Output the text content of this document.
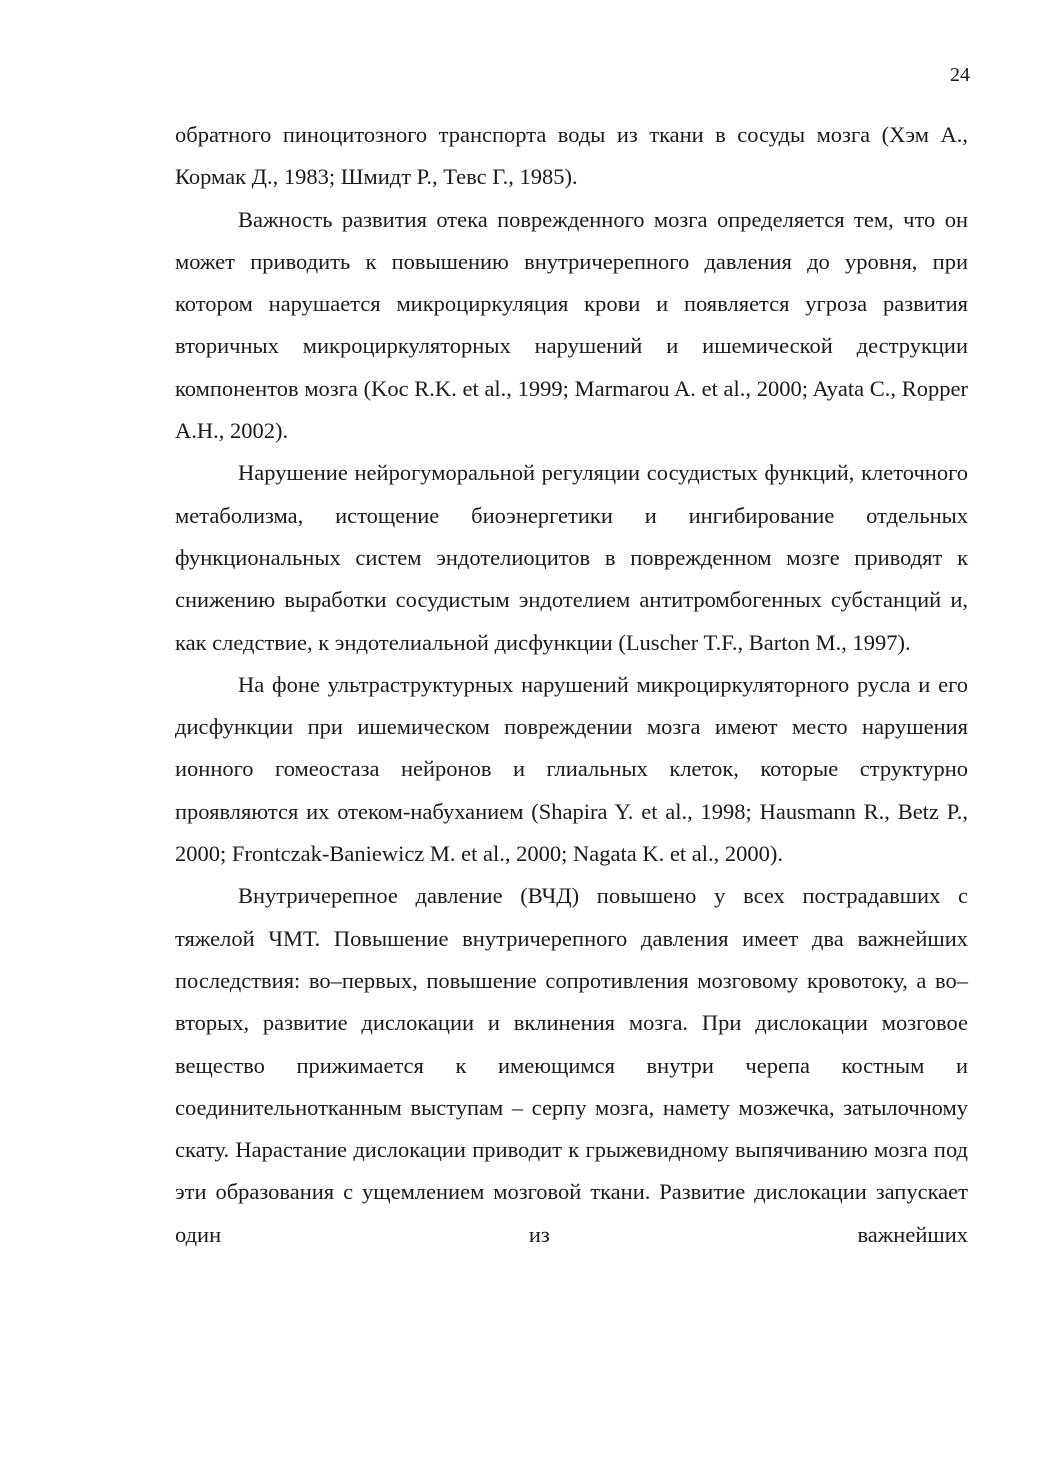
24

обратного пиноцитозного транспорта воды из ткани в сосуды мозга (Хэм А., Кормак Д., 1983; Шмидт Р., Тевс Г., 1985).

Важность развития отека поврежденного мозга определяется тем, что он может приводить к повышению внутричерепного давления до уровня, при котором нарушается микроциркуляция крови и появляется угроза развития вторичных микроциркуляторных нарушений и ишемической деструкции компонентов мозга (Koc R.K. et al., 1999; Marmarou A. et al., 2000; Ayata C., Ropper A.H., 2002).

Нарушение нейрогуморальной регуляции сосудистых функций, клеточного метаболизма, истощение биоэнергетики и ингибирование отдельных функциональных систем эндотелиоцитов в поврежденном мозге приводят к снижению выработки сосудистым эндотелием антитромбогенных субстанций и, как следствие, к эндотелиальной дисфункции (Luscher T.F., Barton M., 1997).

На фоне ультраструктурных нарушений микроциркуляторного русла и его дисфункции при ишемическом повреждении мозга имеют место нарушения ионного гомеостаза нейронов и глиальных клеток, которые структурно проявляются их отеком-набуханием (Shapira Y. et al., 1998; Hausmann R., Betz P., 2000; Frontczak-Baniewicz M. et al., 2000; Nagata K. et al., 2000).

Внутричерепное давление (ВЧД) повышено у всех пострадавших с тяжелой ЧМТ. Повышение внутричерепного давления имеет два важнейших последствия: во–первых, повышение сопротивления мозговому кровотоку, а во–вторых, развитие дислокации и вклинения мозга. При дислокации мозговое вещество прижимается к имеющимся внутри черепа костным и соединительнотканным выступам – серпу мозга, намету мозжечка, затылочному скату. Нарастание дислокации приводит к грыжевидному выпячиванию мозга под эти образования с ущемлением мозговой ткани. Развитие дислокации запускает один из важнейших
